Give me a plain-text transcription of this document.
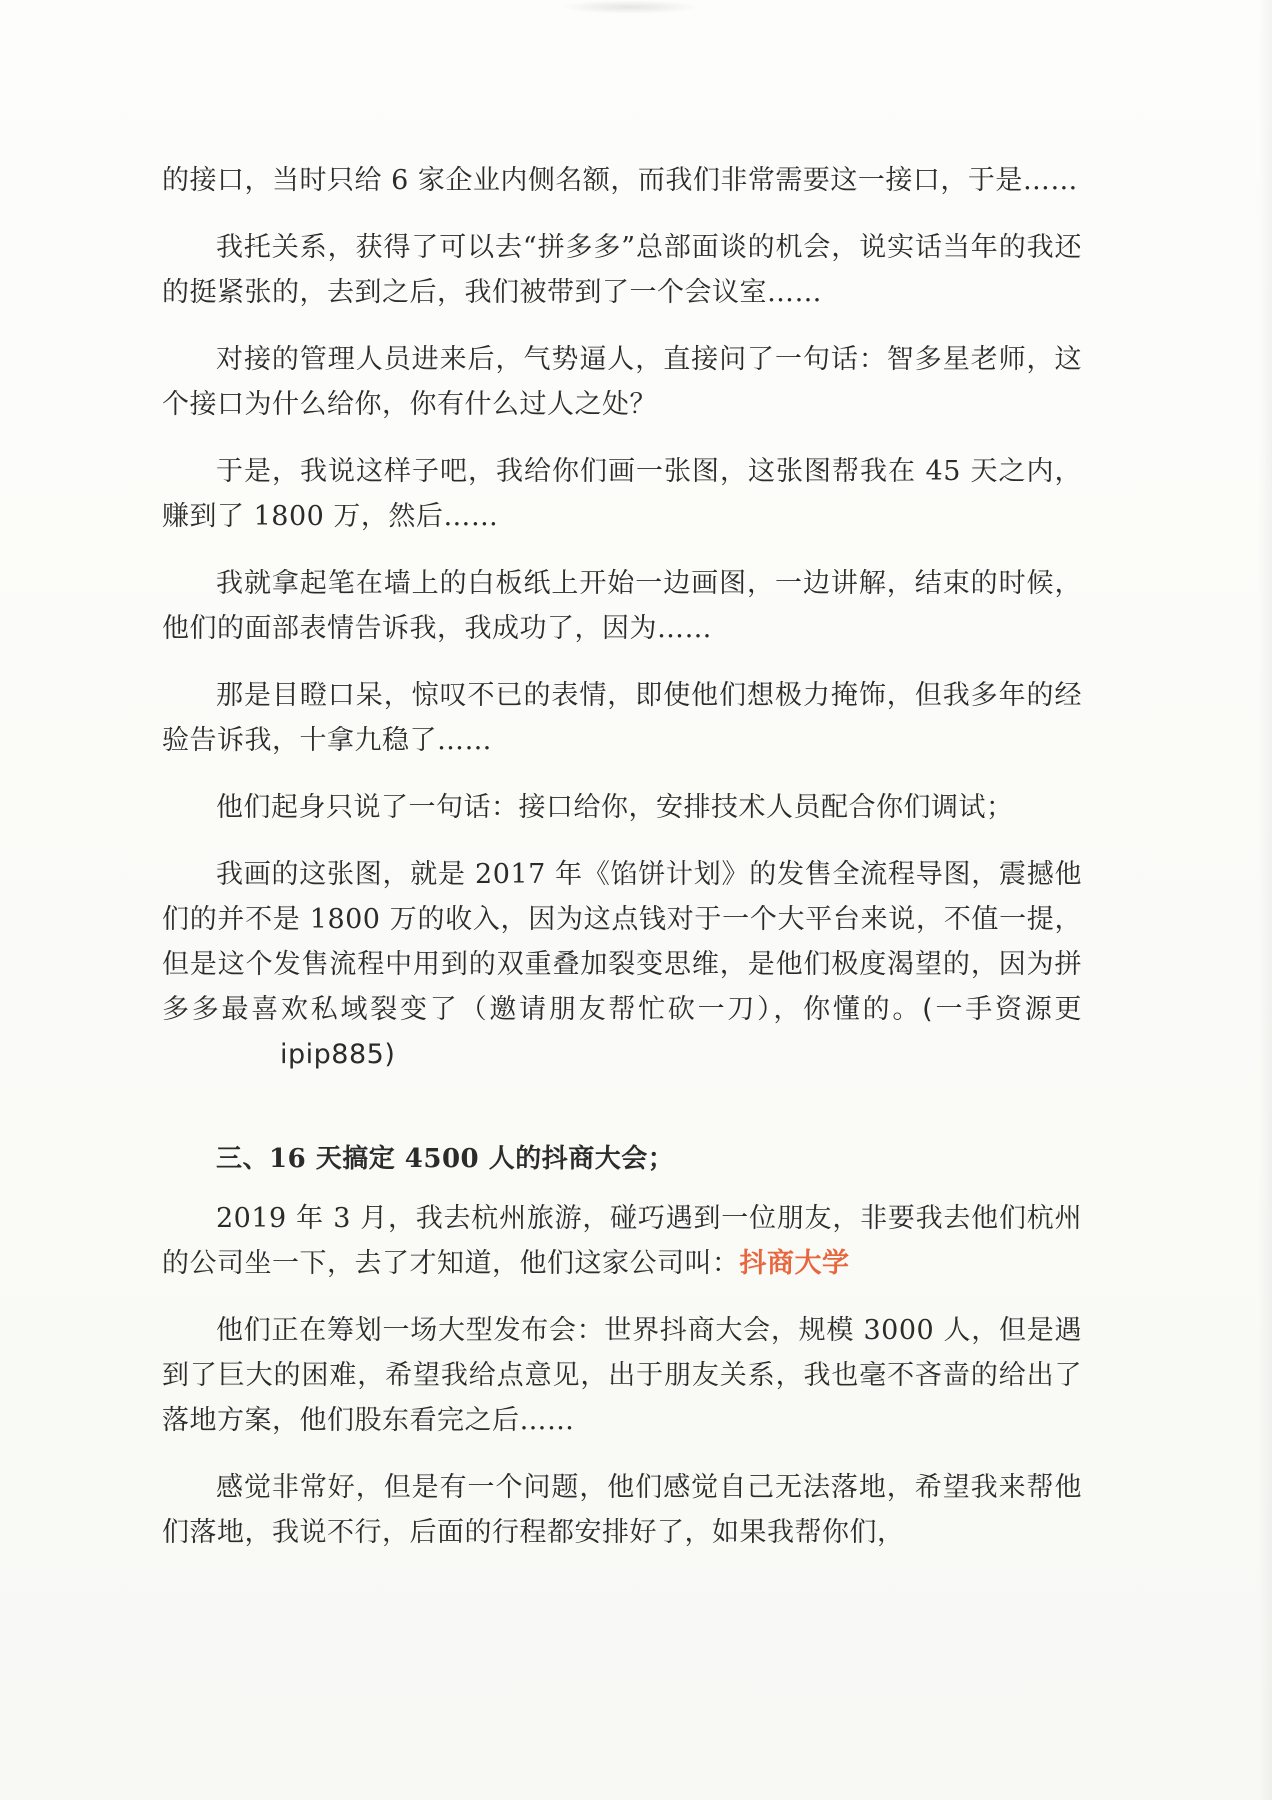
的接口，当时只给 6 家企业内侧名额，而我们非常需要这一接口，于是……

我托关系，获得了可以去“拼多多”总部面谈的机会，说实话当年的我还的挺紧张的，去到之后，我们被带到了一个会议室……

对接的管理人员进来后，气势逼人，直接问了一句话：智多星老师，这个接口为什么给你，你有什么过人之处？

于是，我说这样子吧，我给你们画一张图，这张图帮我在 45 天之内，赚到了 1800 万，然后……

我就拿起笔在墙上的白板纸上开始一边画图，一边讲解，结束的时候，他们的面部表情告诉我，我成功了，因为……

那是目瞪口呆，惊叹不已的表情，即使他们想极力掩饰，但我多年的经验告诉我，十拿九稳了……

他们起身只说了一句话：接口给你，安排技术人员配合你们调试；

我画的这张图，就是 2017 年《馅饼计划》的发售全流程导图，震撼他们的并不是 1800 万的收入，因为这点钱对于一个大平台来说，不值一提，但是这个发售流程中用到的双重叠加裂变思维，是他们极度渴望的，因为拼多多最喜欢私域裂变了（邀请朋友帮忙砍一刀），你懂的。(一手资源更ipip885)

三、16 天搞定 4500 人的抖商大会；

2019 年 3 月，我去杭州旅游，碰巧遇到一位朋友，非要我去他们杭州的公司坐一下，去了才知道，他们这家公司叫：抖商大学

他们正在筹划一场大型发布会：世界抖商大会，规模 3000 人，但是遇到了巨大的困难，希望我给点意见，出于朋友关系，我也毫不吝啬的给出了落地方案，他们股东看完之后……

感觉非常好，但是有一个问题，他们感觉自己无法落地，希望我来帮他们落地，我说不行，后面的行程都安排好了，如果我帮你们，
